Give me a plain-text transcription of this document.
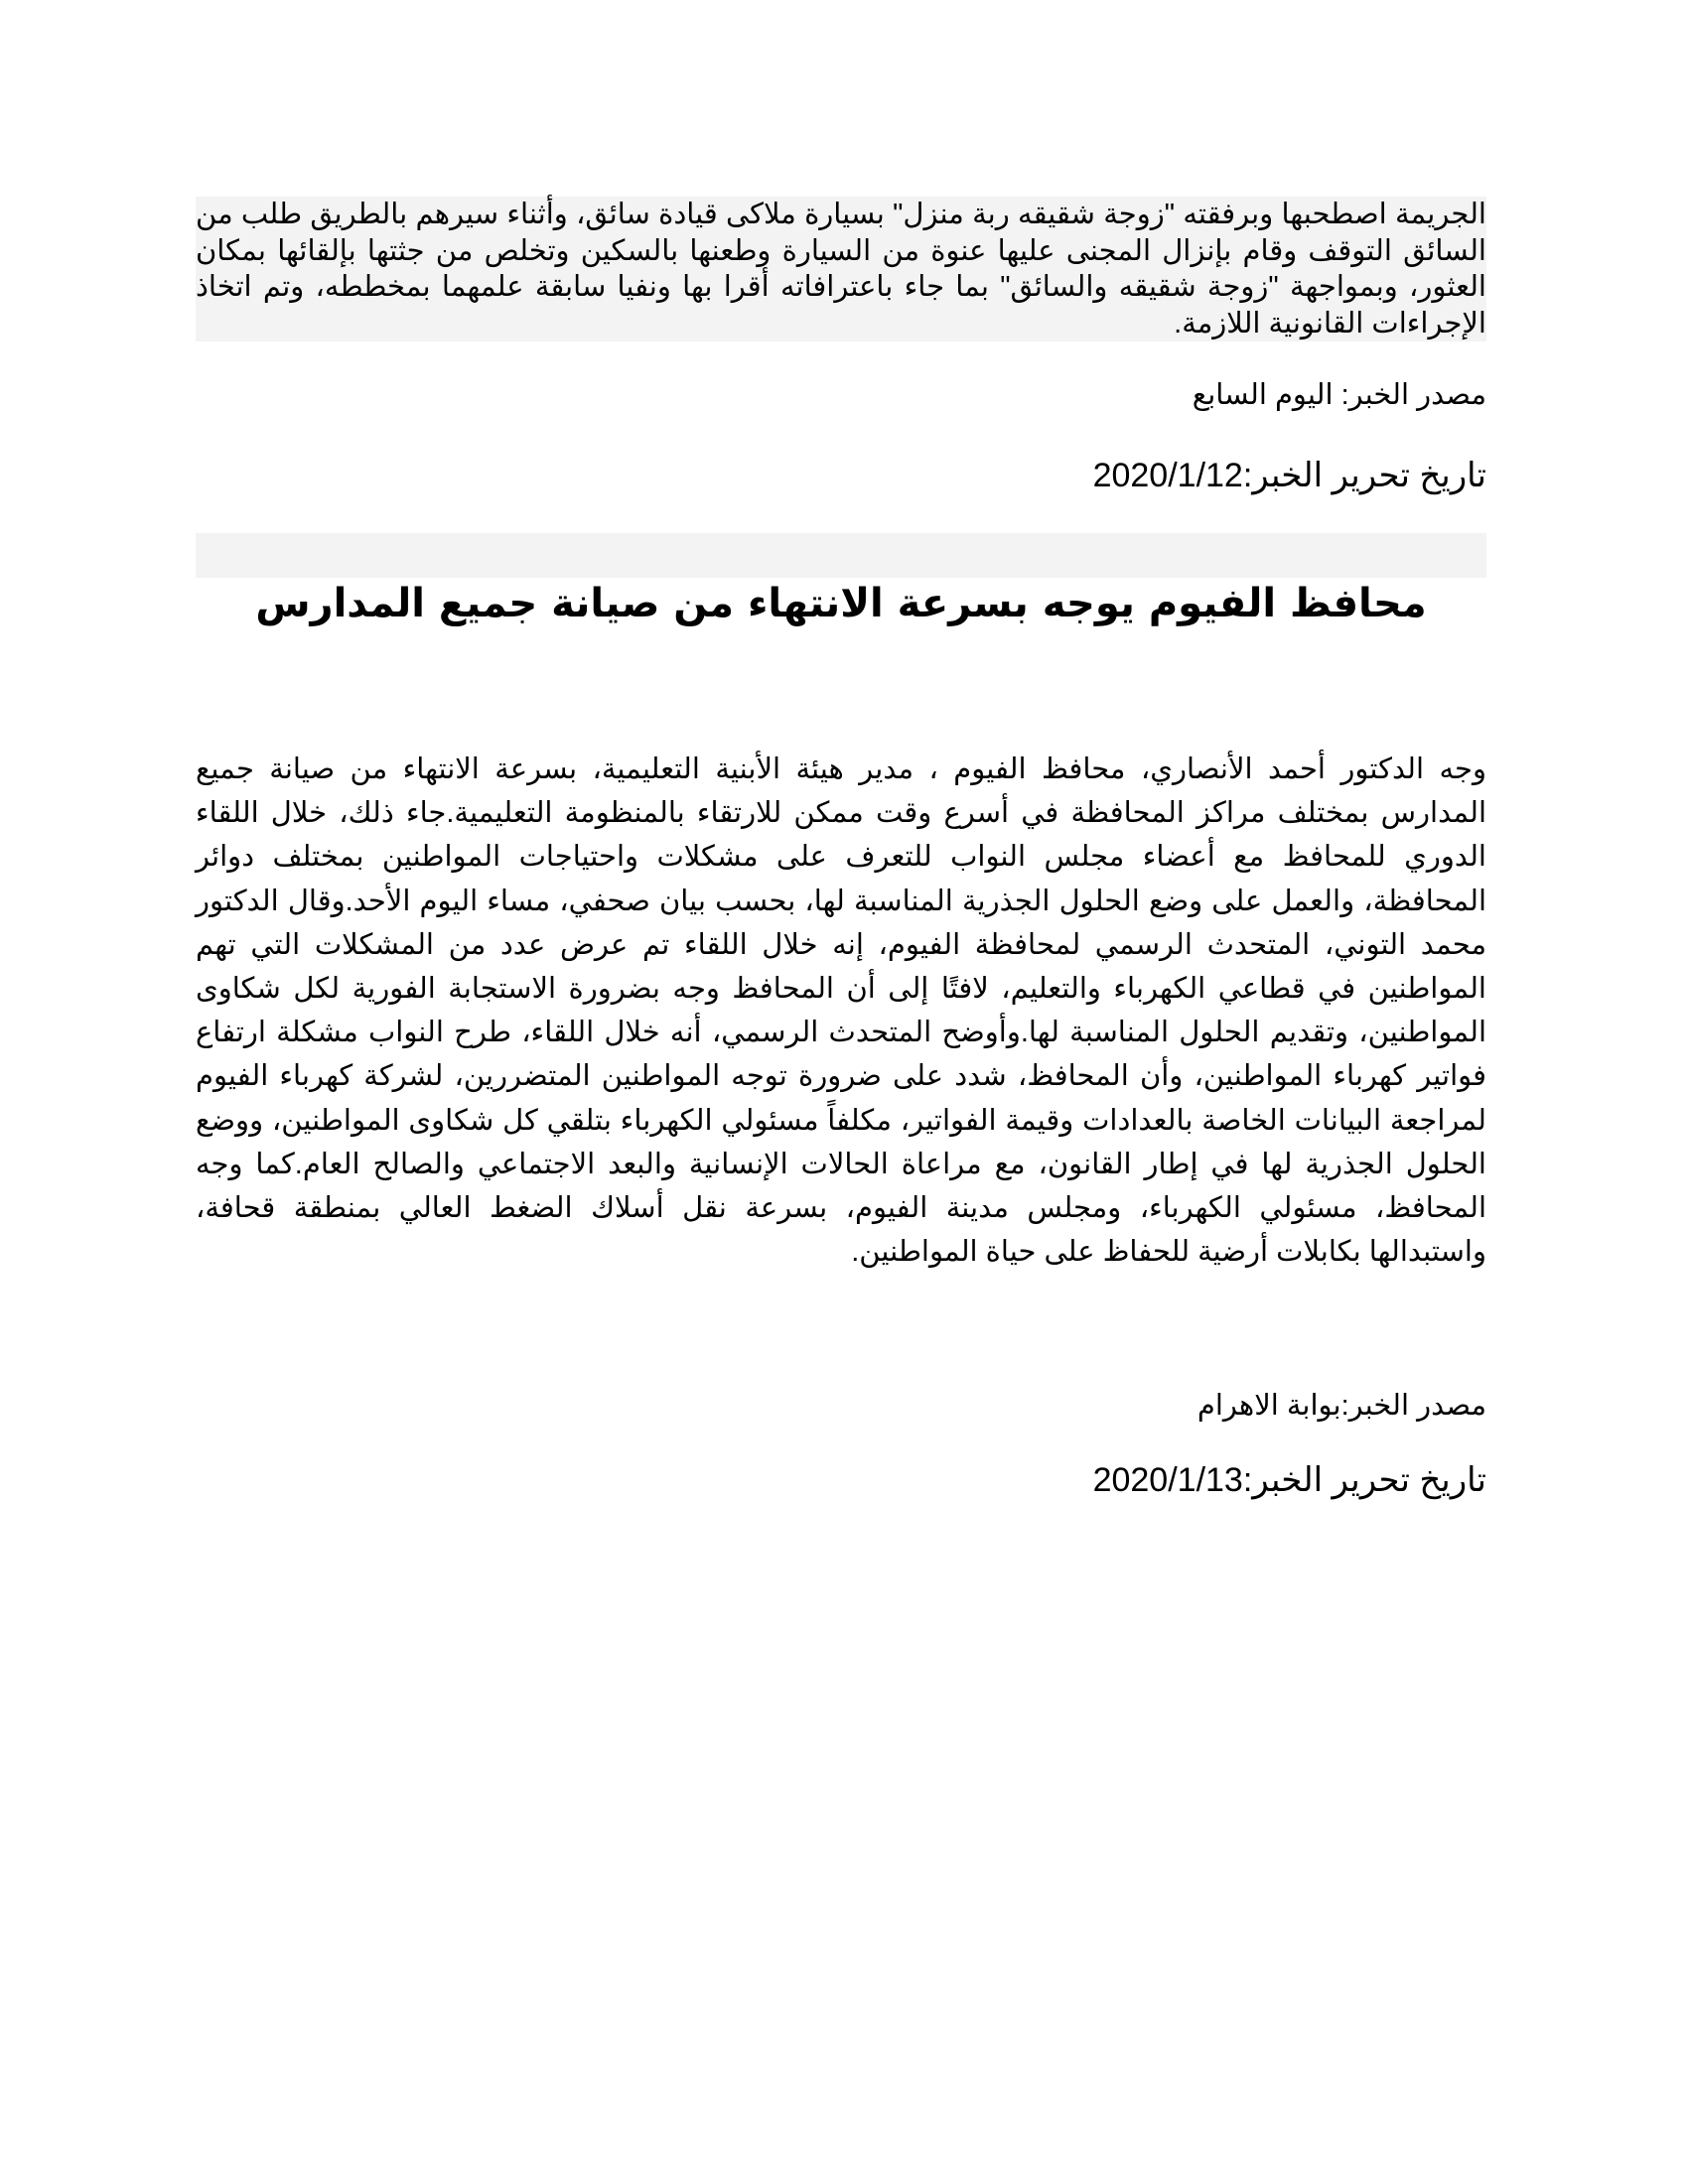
الجريمة اصطحبها وبرفقته "زوجة شقيقه ربة منزل" بسيارة ملاكى قيادة سائق، وأثناء سيرهم بالطريق طلب من السائق التوقف وقام بإنزال المجنى عليها عنوة من السيارة وطعنها بالسكين وتخلص من جثتها بإلقائها بمكان العثور، وبمواجهة "زوجة شقيقه والسائق" بما جاء باعترافاته أقرا بها ونفيا سابقة علمهما بمخططه، وتم اتخاذ الإجراءات القانونية اللازمة.

مصدر الخبر: اليوم السابع
تاريخ تحرير الخبر:2020/1/12
محافظ الفيوم يوجه بسرعة الانتهاء من صيانة جميع المدارس

وجه الدكتور أحمد الأنصاري، محافظ الفيوم ، مدير هيئة الأبنية التعليمية، بسرعة الانتهاء من صيانة جميع المدارس بمختلف مراكز المحافظة في أسرع وقت ممكن للارتقاء بالمنظومة التعليمية.جاء ذلك، خلال اللقاء الدوري للمحافظ مع أعضاء مجلس النواب للتعرف على مشكلات واحتياجات المواطنين بمختلف دوائر المحافظة، والعمل على وضع الحلول الجذرية المناسبة لها، بحسب بيان صحفي، مساء اليوم الأحد.وقال الدكتور محمد التوني، المتحدث الرسمي لمحافظة الفيوم، إنه خلال اللقاء تم عرض عدد من المشكلات التي تهم المواطنين في قطاعي الكهرباء والتعليم، لافتًا إلى أن المحافظ وجه بضرورة الاستجابة الفورية لكل شكاوى المواطنين، وتقديم الحلول المناسبة لها.وأوضح المتحدث الرسمي، أنه خلال اللقاء، طرح النواب مشكلة ارتفاع فواتير كهرباء المواطنين، وأن المحافظ، شدد على ضرورة توجه المواطنين المتضررين، لشركة كهرباء الفيوم لمراجعة البيانات الخاصة بالعدادات وقيمة الفواتير، مكلفاً مسئولي الكهرباء بتلقي كل شكاوى المواطنين، ووضع الحلول الجذرية لها في إطار القانون، مع مراعاة الحالات الإنسانية والبعد الاجتماعي والصالح العام.كما وجه المحافظ، مسئولي الكهرباء، ومجلس مدينة الفيوم، بسرعة نقل أسلاك الضغط العالي بمنطقة قحافة، واستبدالها بكابلات أرضية للحفاظ على حياة المواطنين.

مصدر الخبر:بوابة الاهرام
تاريخ تحرير الخبر:2020/1/13
